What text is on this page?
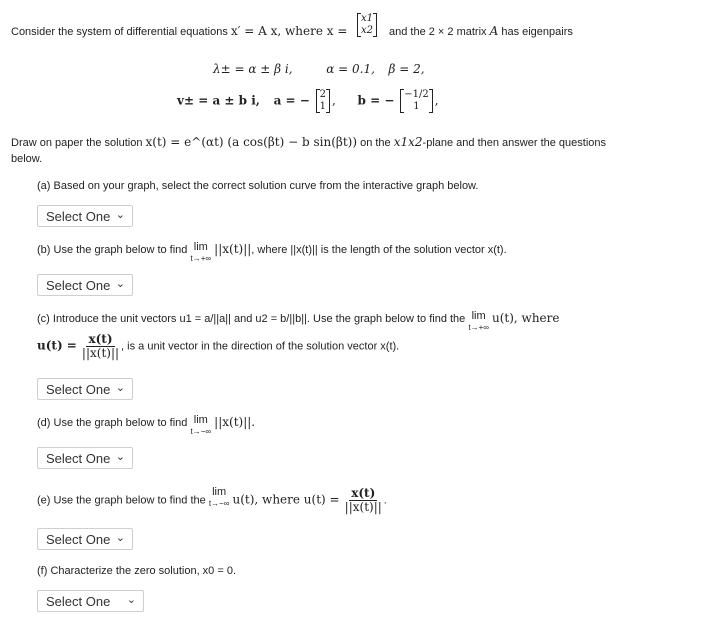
Consider the system of differential equations x′ = A x, where x =
x1
x2 and the 2 × 2 matrix A has eigenpairs
λ± = α ± β i,	α = 0.1, β = 2,
v± = a ± b i, a = − 2
1 ,  b = − −1/2
1 ,
Draw on paper the solution x(t) = e^(αt) (a cos(βt) − b sin(βt)) on the x1x2-plane and then answer the questions
below.
(a) Based on your graph, select the correct solution curve from the interactive graph below.
Select One ⌄
(b) Use the graph below to find lim
t→+∞
||x(t)||, where ||x(t)|| is the length of the solution vector x(t).
Select One ⌄
(c) Introduce the unit vectors u1 = a/||a|| and u2 = b/||b||. Use the graph below to find the lim
t→+∞
u(t), where
$u(t) = \frac{x(t)}{||x(t)||}$ , is a unit vector in the direction of the solution vector x(t).
Select One ⌄
(d) Use the graph below to find lim
t→−∞
||x(t)||.
Select One ⌄
(e) Use the graph below to find the
lim
t→−∞ u(t), where $u(t) = \frac{x(t)}{||x(t)||}$ .
Select One ⌄
(f) Characterize the zero solution, x0 = 0.
Select One ⌄
